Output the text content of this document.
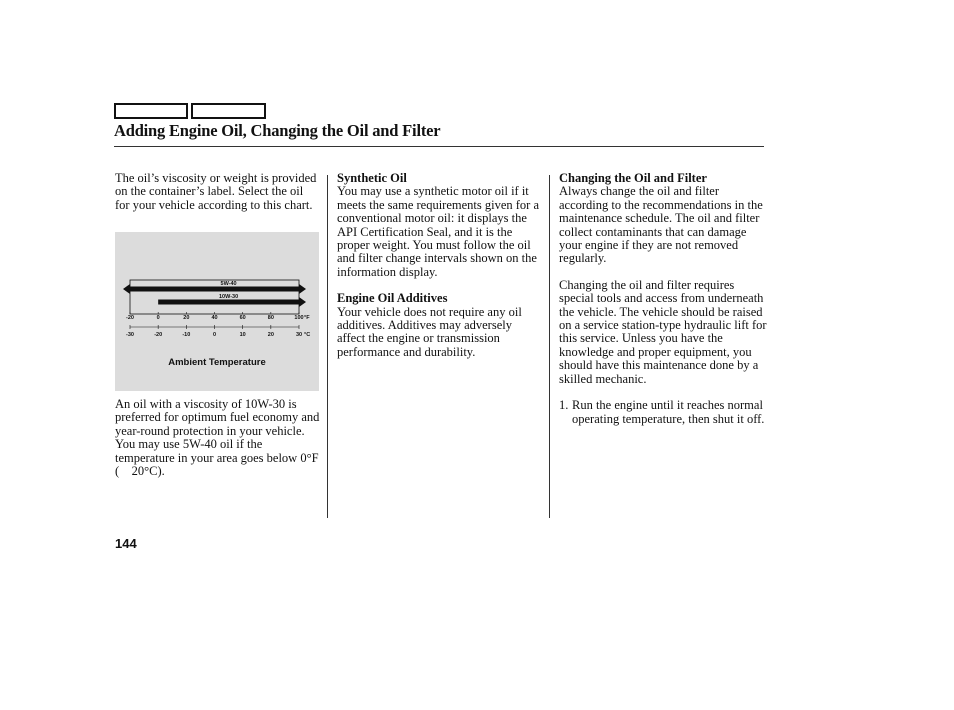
Adding Engine Oil, Changing the Oil and Filter

The oil’s viscosity or weight is provided on the container’s label. Select the oil for your vehicle according to this chart.

5W-40
10W-30
-20	0	20	40	60	80	100 °F
-30	-20	-10	0	10	20	30 °C
Ambient Temperature

An oil with a viscosity of 10W-30 is preferred for optimum fuel economy and year-round protection in your vehicle. You may use 5W-40 oil if the temperature in your area goes below 0°F (    20°C).

Synthetic Oil

You may use a synthetic motor oil if it meets the same requirements given for a conventional motor oil: it displays the API Certification Seal, and it is the proper weight. You must follow the oil and filter change intervals shown on the information display.

Engine Oil Additives

Your vehicle does not require any oil additives. Additives may adversely affect the engine or transmission performance and durability.

Changing the Oil and Filter

Always change the oil and filter according to the recommendations in the maintenance schedule. The oil and filter collect contaminants that can damage your engine if they are not removed regularly.

Changing the oil and filter requires special tools and access from underneath the vehicle. The vehicle should be raised on a service station-type hydraulic lift for this service. Unless you have the knowledge and proper equipment, you should have this maintenance done by a skilled mechanic.

1. Run the engine until it reaches normal operating temperature, then shut it off.
144
